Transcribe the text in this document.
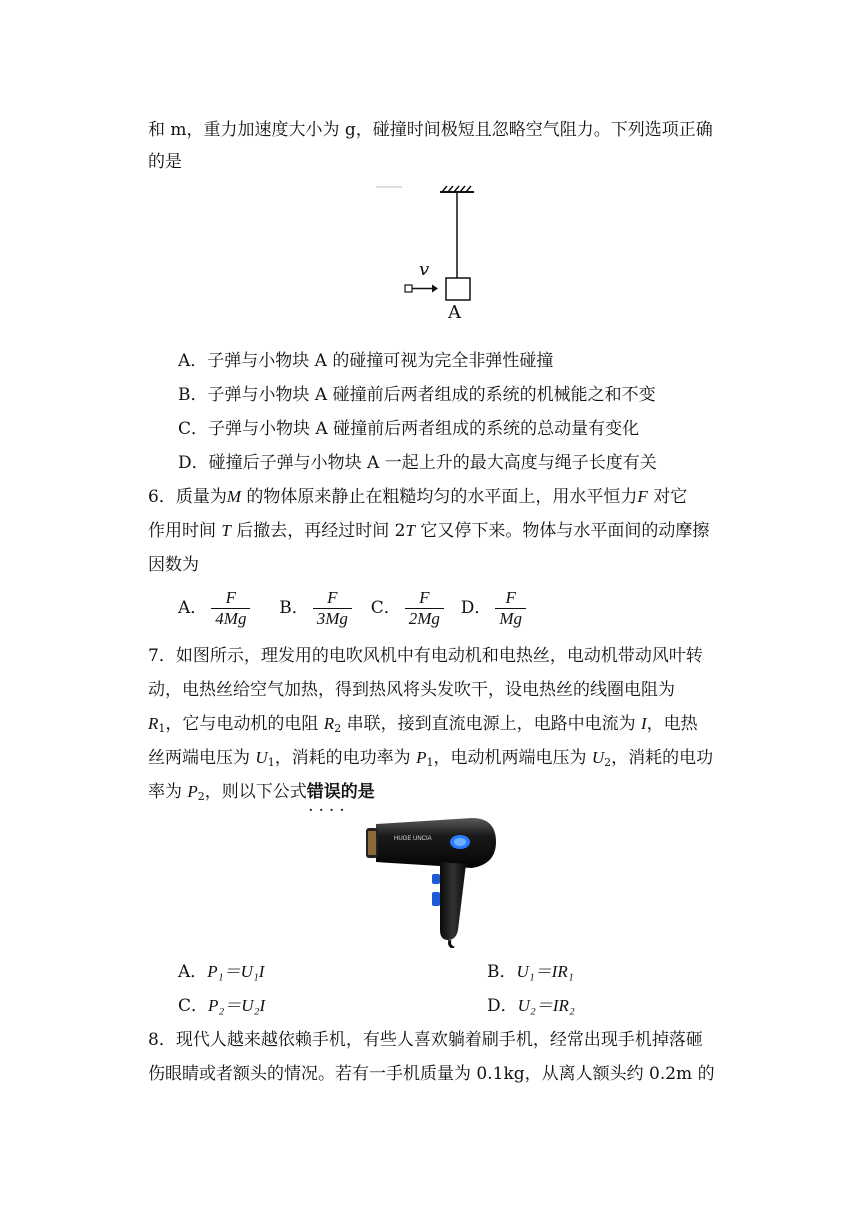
和 m，重力加速度大小为 g，碰撞时间极短且忽略空气阻力。下列选项正确
的是
v
A
A．子弹与小物块 A 的碰撞可视为完全非弹性碰撞
B．子弹与小物块 A 碰撞前后两者组成的系统的机械能之和不变
C．子弹与小物块 A 碰撞前后两者组成的系统的总动量有变化
D．碰撞后子弹与小物块 A 一起上升的最大高度与绳子长度有关
6．质量为M 的物体原来静止在粗糙均匀的水平面上，用水平恒力F 对它
作用时间 T 后撤去，再经过时间 2T 它又停下来。物体与水平面间的动摩擦
因数为
A． $\frac{F}{4Mg}$ B． $\frac{F}{3Mg}$ C． $\frac{F}{2Mg}$ D． $\frac{F}{Mg}$
7．如图所示，理发用的电吹风机中有电动机和电热丝，电动机带动风叶转
动，电热丝给空气加热，得到热风将头发吹干，设电热丝的线圈电阻为
$R_1$，它与电动机的电阻 $R_2$ 串联，接到直流电源上，电路中电流为 I，电热
丝两端电压为 $U_1$，消耗的电功率为 $P_1$，电动机两端电压为 $U_2$，消耗的电功
率为 $P_2$，则以下公式错误的是 · · · ·
HUGE UNCIA
A．P₁＝U₁I	B．U₁＝IR₁
C．P₂＝U₂I	D．U₂＝IR₂
8．现代人越来越依赖手机，有些人喜欢躺着刷手机，经常出现手机掉落砸
伤眼睛或者额头的情况。若有一手机质量为 0.1kg，从离人额头约 0.2m 的
